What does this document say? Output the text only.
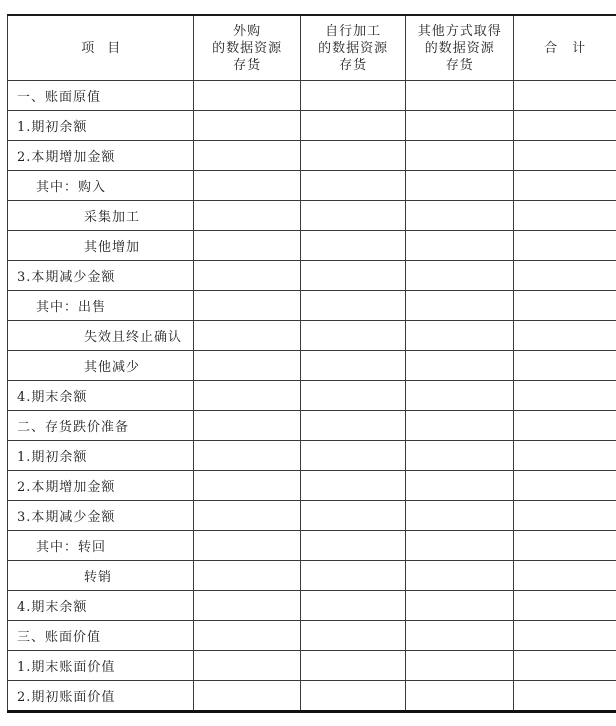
项　目	外购
的数据资源
存货	自行加工
的数据资源
存货	其他方式取得
的数据资源
存货	合　计

一、账面原值				
1.期初余额				
2.本期增加金额				
其中：购入				
采集加工				
其他增加				
3.本期减少金额				
其中：出售				
失效且终止确认				
其他减少				
4.期末余额				
二、存货跌价准备				
1.期初余额				
2.本期增加金额				
3.本期减少金额				
其中：转回				
转销				
4.期末余额				
三、账面价值				
1.期末账面价值				
2.期初账面价值				
